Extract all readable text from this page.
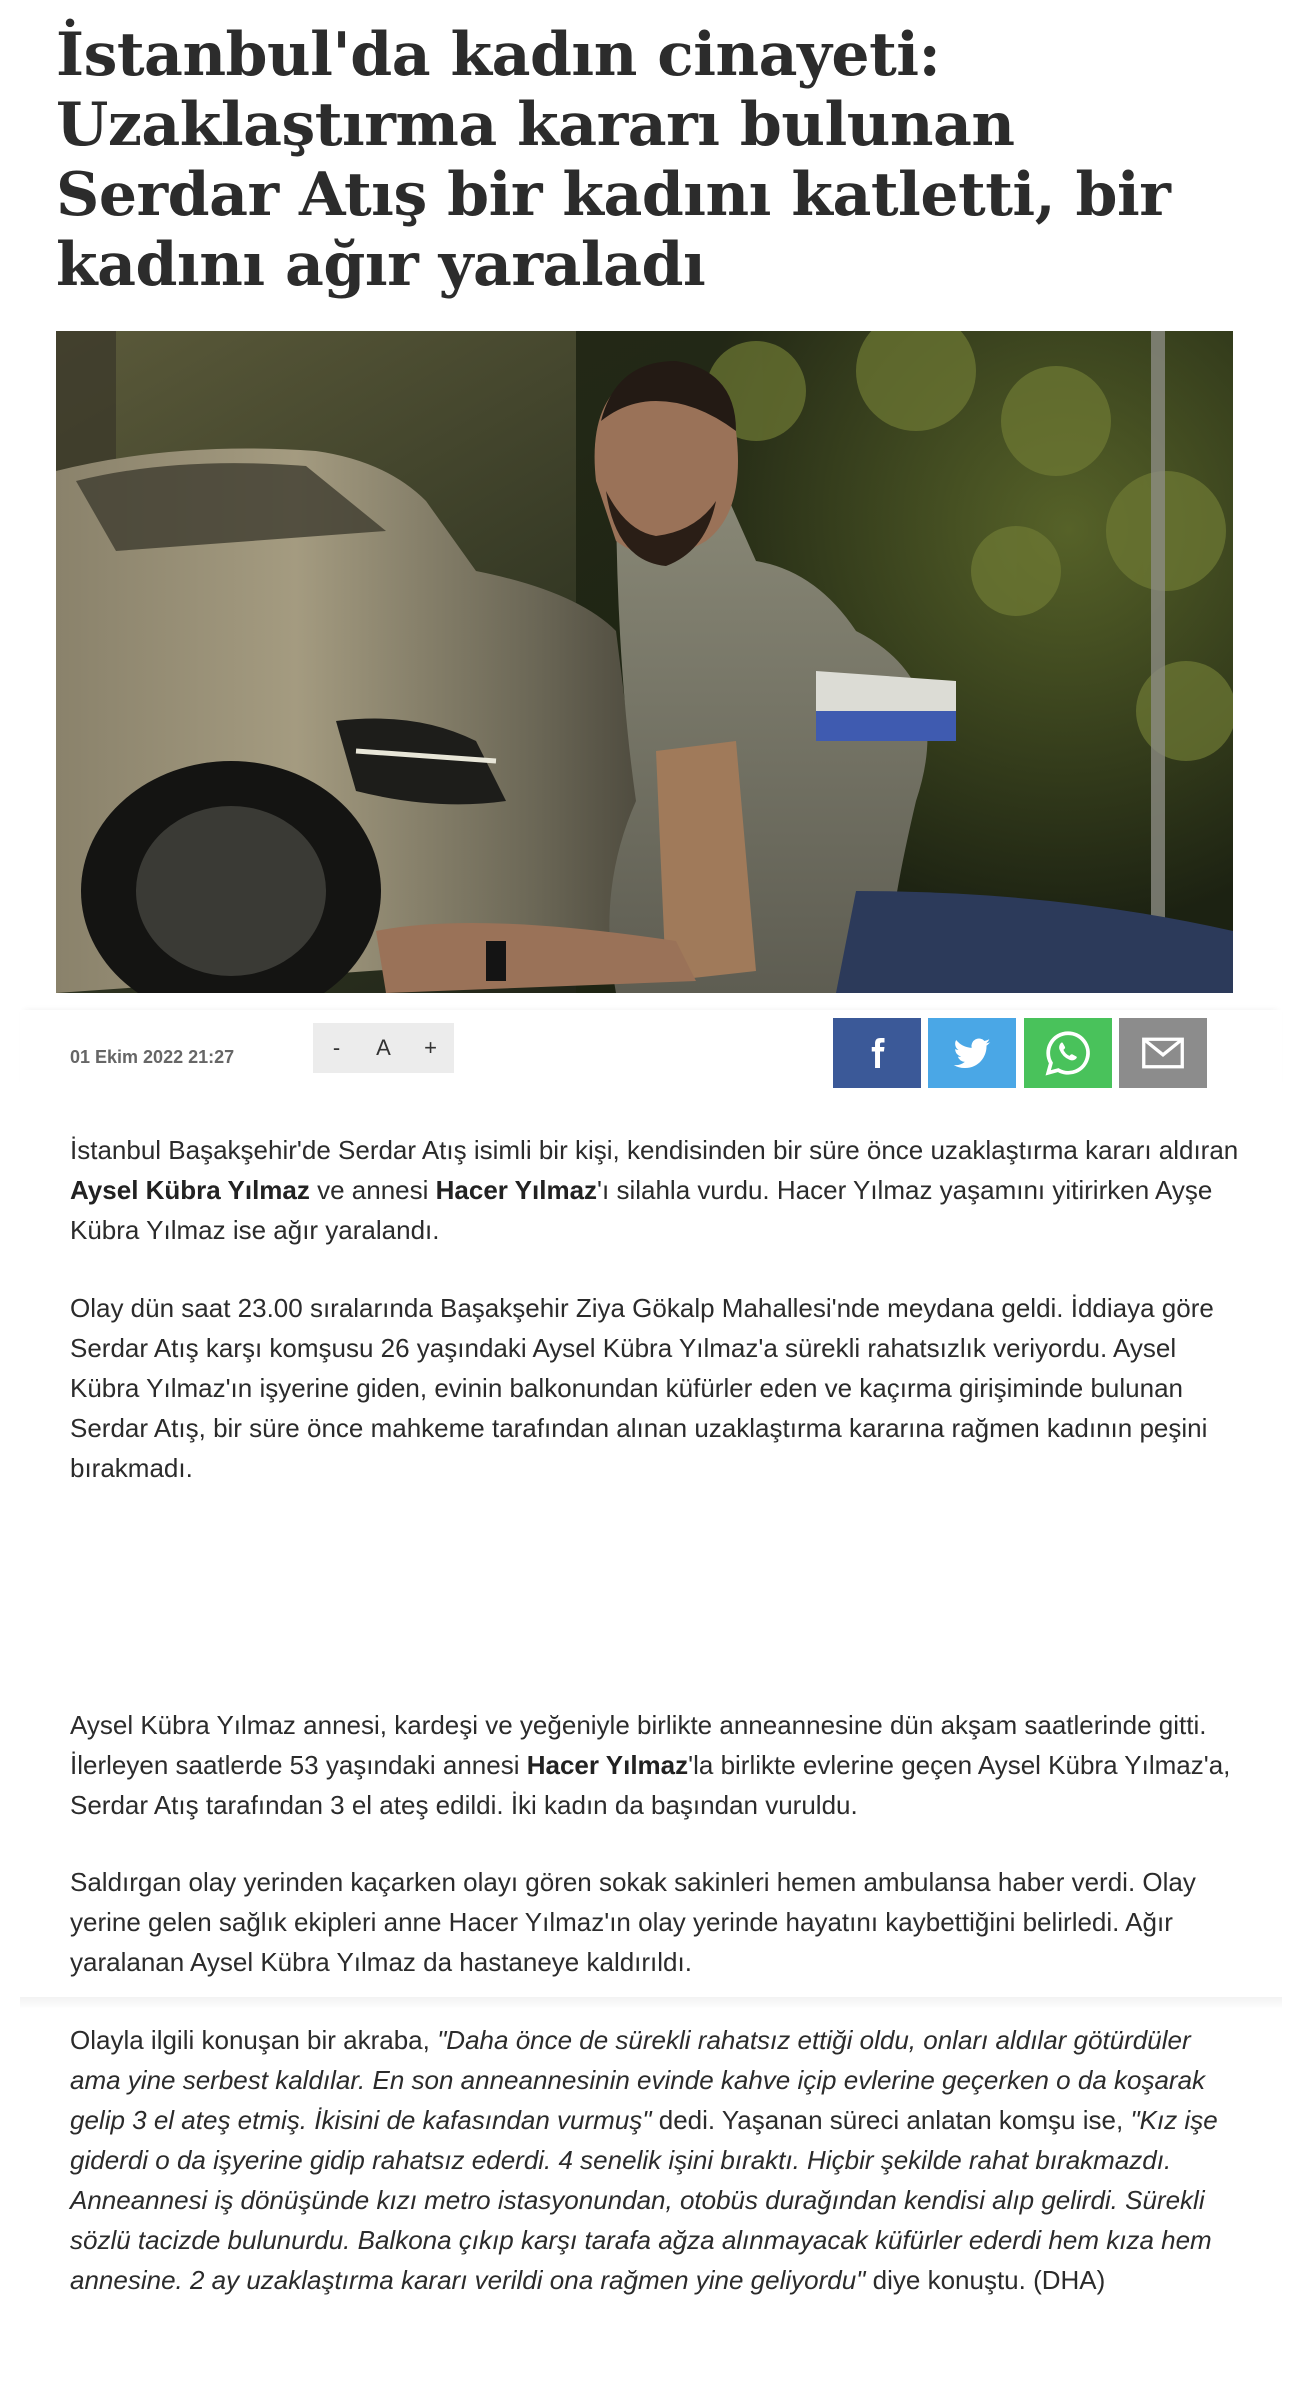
İstanbul'da kadın cinayeti: Uzaklaştırma kararı bulunan Serdar Atış bir kadını katletti, bir kadını ağır yaraladı
01 Ekim 2022 21:27	-	A	+

İstanbul Başakşehir'de Serdar Atış isimli bir kişi, kendisinden bir süre önce uzaklaştırma kararı aldıran Aysel Kübra Yılmaz ve annesi Hacer Yılmaz'ı silahla vurdu. Hacer Yılmaz yaşamını yitirirken Ayşe Kübra Yılmaz ise ağır yaralandı.

Olay dün saat 23.00 sıralarında Başakşehir Ziya Gökalp Mahallesi'nde meydana geldi. İddiaya göre Serdar Atış karşı komşusu 26 yaşındaki Aysel Kübra Yılmaz'a sürekli rahatsızlık veriyordu. Aysel Kübra Yılmaz'ın işyerine giden, evinin balkonundan küfürler eden ve kaçırma girişiminde bulunan Serdar Atış, bir süre önce mahkeme tarafından alınan uzaklaştırma kararına rağmen kadının peşini bırakmadı.

Aysel Kübra Yılmaz annesi, kardeşi ve yeğeniyle birlikte anneannesine dün akşam saatlerinde gitti. İlerleyen saatlerde 53 yaşındaki annesi Hacer Yılmaz'la birlikte evlerine geçen Aysel Kübra Yılmaz'a, Serdar Atış tarafından 3 el ateş edildi. İki kadın da başından vuruldu.

Saldırgan olay yerinden kaçarken olayı gören sokak sakinleri hemen ambulansa haber verdi. Olay yerine gelen sağlık ekipleri anne Hacer Yılmaz'ın olay yerinde hayatını kaybettiğini belirledi. Ağır yaralanan Aysel Kübra Yılmaz da hastaneye kaldırıldı.

Olayla ilgili konuşan bir akraba, "Daha önce de sürekli rahatsız ettiği oldu, onları aldılar götürdüler ama yine serbest kaldılar. En son anneannesinin evinde kahve içip evlerine geçerken o da koşarak gelip 3 el ateş etmiş. İkisini de kafasından vurmuş" dedi. Yaşanan süreci anlatan komşu ise, "Kız işe giderdi o da işyerine gidip rahatsız ederdi. 4 senelik işini bıraktı. Hiçbir şekilde rahat bırakmazdı. Anneannesi iş dönüşünde kızı metro istasyonundan, otobüs durağından kendisi alıp gelirdi. Sürekli sözlü tacizde bulunurdu. Balkona çıkıp karşı tarafa ağza alınmayacak küfürler ederdi hem kıza hem annesine. 2 ay uzaklaştırma kararı verildi ona rağmen yine geliyordu" diye konuştu. (DHA)
